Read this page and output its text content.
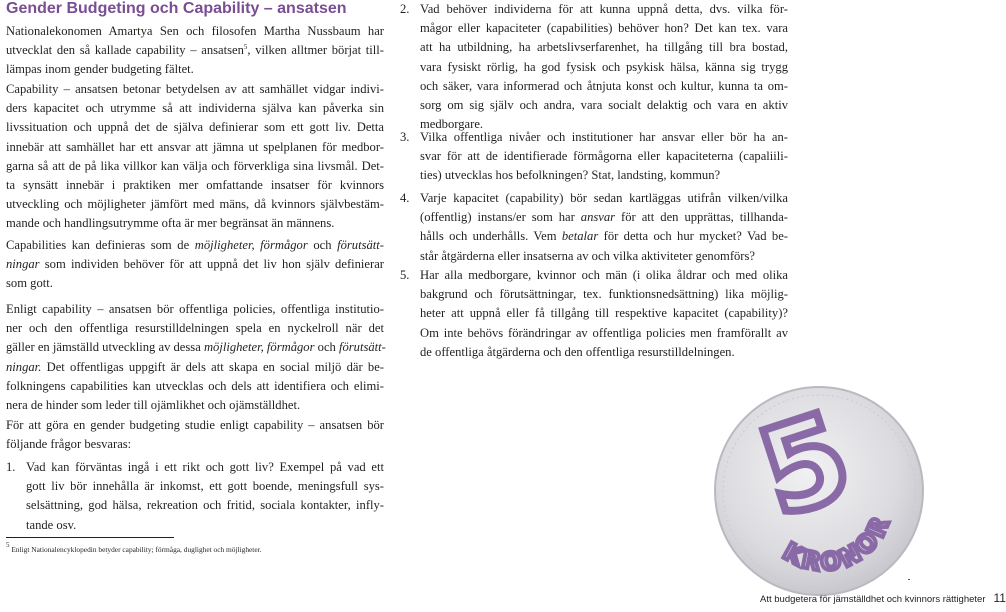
Gender Budgeting och Capability – ansatsen
Nationalekonomen Amartya Sen och filosofen Martha Nussbaum har
utvecklat den så kallade capability – ansatsen$^5$, vilken alltmer börjat till-
lämpas inom gender budgeting fältet.
Capability – ansatsen betonar betydelsen av att samhället vidgar indivi-
ders kapacitet och utrymme så att individerna själva kan påverka sin
livssituation och uppnå det de själva definierar som ett gott liv. Detta
innebär att samhället har ett ansvar att jämna ut spelplanen för medbor-
garna så att de på lika villkor kan välja och förverkliga sina livsmål. Det-
ta synsätt innebär i praktiken mer omfattande insatser för kvinnors
utveckling och möjligheter jämfört med mäns, då kvinnors självbestäm-
mande och handlingsutrymme ofta är mer begränsat än männens.
Capabilities kan definieras som de möjligheter, förmågor och förutsätt-
ningar som individen behöver för att uppnå det liv hon själv definierar
som gott.
Enligt capability – ansatsen bör offentliga policies, offentliga institutio-
ner och den offentliga resurstilldelningen spela en nyckelroll när det
gäller en jämställd utveckling av dessa möjligheter, förmågor och förutsätt-
ningar. Det offentligas uppgift är dels att skapa en social miljö där be-
folkningens capabilities kan utvecklas och dels att identifiera och elimi-
nera de hinder som leder till ojämlikhet och ojämställdhet.
För att göra en gender budgeting studie enligt capability – ansatsen bör
följande frågor besvaras:
1. Vad kan förväntas ingå i ett rikt och gott liv? Exempel på vad ett
gott liv bör innehålla är inkomst, ett gott boende, meningsfull sys-
selsättning, god hälsa, rekreation och fritid, sociala kontakter, infly-
tande osv.

5 Enligt Nationalencyklopedin betyder capability; förmåga, duglighet och möjligheter.

2. Vad behöver individerna för att kunna uppnå detta, dvs. vilka för-
mågor eller kapaciteter (capabilities) behöver hon? Det kan tex. vara
att ha utbildning, ha arbetslivserfarenhet, ha tillgång till bra bostad,
vara fysiskt rörlig, ha god fysisk och psykisk hälsa, känna sig trygg
och säker, vara informerad och åtnjuta konst och kultur, kunna ta om-
sorg om sig själv och andra, vara socialt delaktig och vara en aktiv
medborgare.
3. Vilka offentliga nivåer och institutioner har ansvar eller bör ha an-
svar för att de identifierade förmågorna eller kapaciteterna (capaliili-
ties) utvecklas hos befolkningen? Stat, landsting, kommun?
4. Varje kapacitet (capability) bör sedan kartläggas utifrån vilken/vilka
(offentlig) instans/er som har ansvar för att den upprättas, tillhanda-
hålls och underhålls. Vem betalar för detta och hur mycket? Vad be-
står åtgärderna eller insatserna av och vilka aktiviteter genomförs?
5. Har alla medborgare, kvinnor och män (i olika åldrar och med olika
bakgrund och förutsättningar, tex. funktionsnedsättning) lika möjlig-
heter att uppnå eller få tillgång till respektive kapacitet (capability)?
Om inte behövs förändringar av offentliga policies men framförallt av
de offentliga åtgärderna och den offentliga resurstilldelningen.
5
KRONOR
Att budgetera för jämställdhet och kvinnors rättigheter 11
